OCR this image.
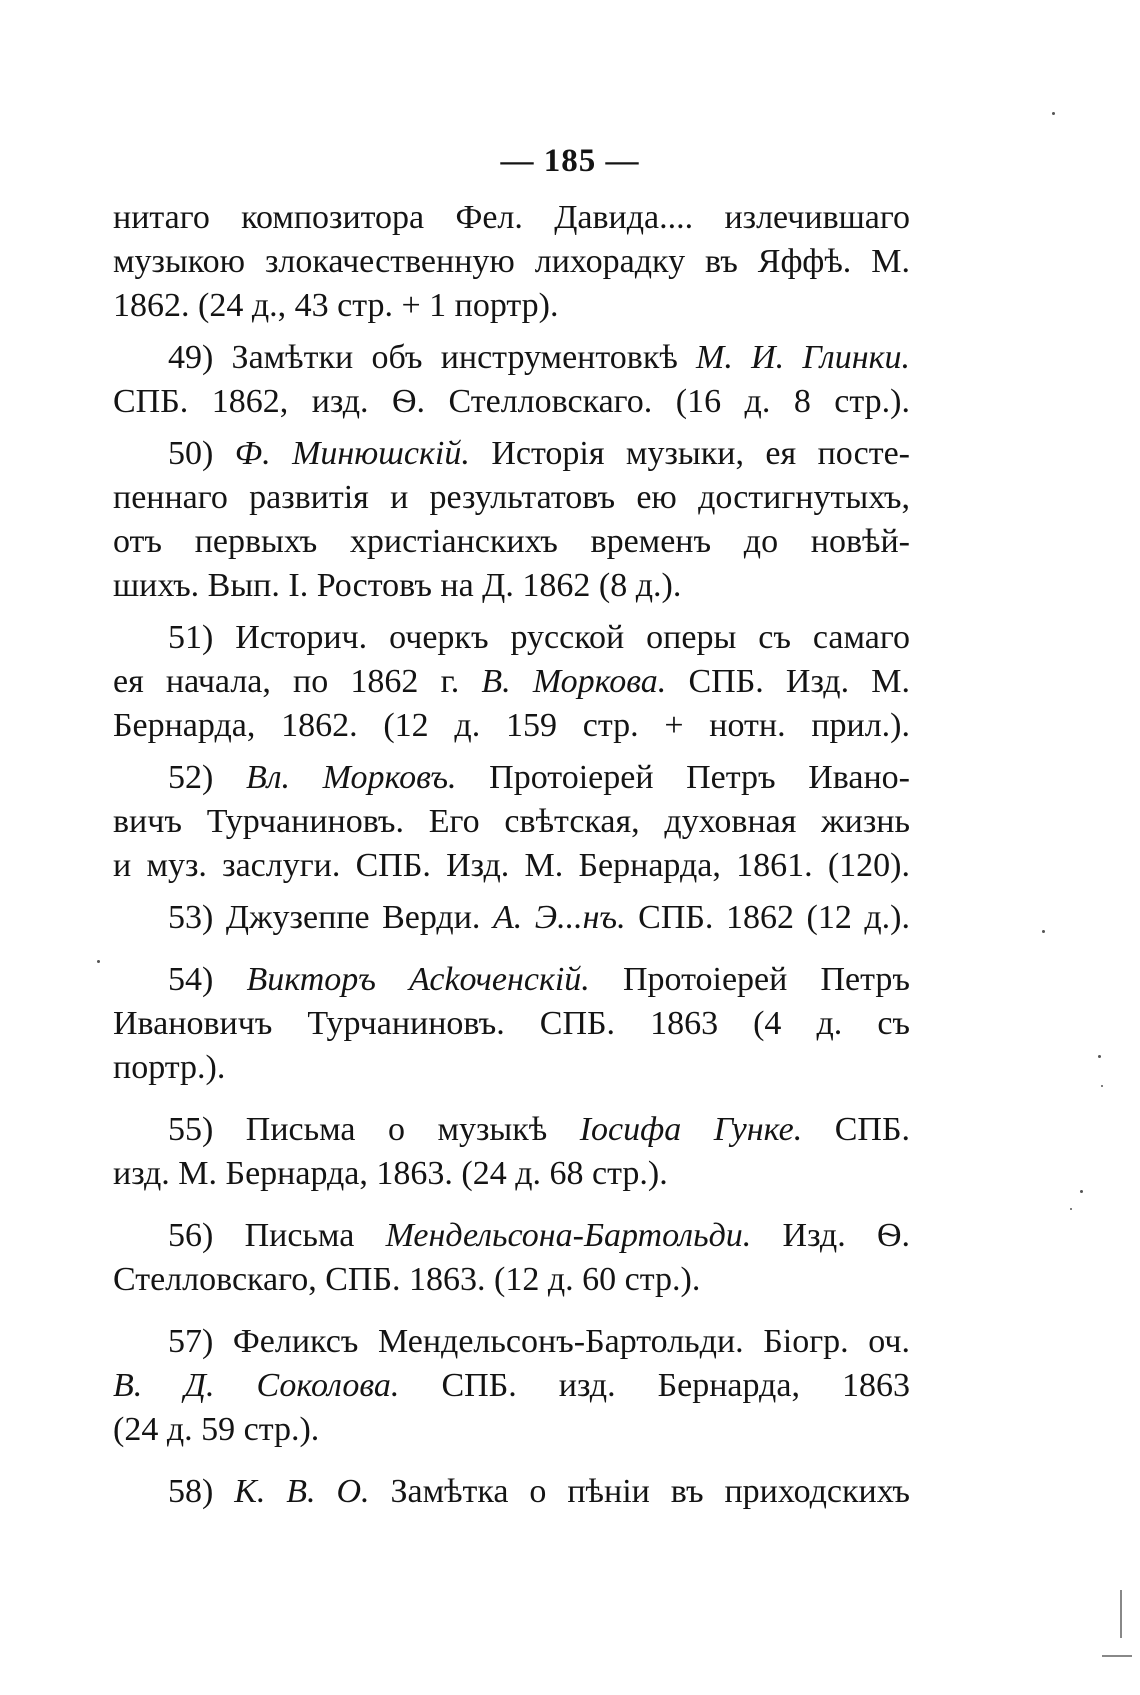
— 185 —
нитаго композитора Фел. Давида.... излечившаго
музыкою злокачественную лихорадку въ Яффѣ. М.
1862. (24 д., 43 стр. + 1 портр).
49) Замѣтки объ инструментовкѣ М. И. Глинки.
СПБ. 1862, изд. Ѳ. Стелловскаго. (16 д. 8 стр.).
50) Ф. Минюшскій. Исторія музыки, ея посте-
пеннаго развитія и результатовъ ею достигнутыхъ,
отъ первыхъ христіанскихъ временъ до новѣй-
шихъ. Вып. I. Ростовъ на Д. 1862 (8 д.).
51) Историч. очеркъ русской оперы съ самаго
ея начала, по 1862 г. В. Моркова. СПБ. Изд. М.
Бернарда, 1862. (12 д. 159 стр. + нотн. прил.).
52) Вл. Морковъ. Протоіерей Петръ Ивано-
вичъ Турчаниновъ. Его свѣтская, духовная жизнь
и муз. заслуги. СПБ. Изд. М. Бернарда, 1861. (120).
53) Джузеппе Верди. А. Э...нъ. СПБ. 1862 (12 д.).
54) Викторъ Асkоченскій. Протоіерей Петръ
Ивановичъ Турчаниновъ. СПБ. 1863 (4 д. съ
портр.).
55) Письма о музыкѣ Іосифа Гунке. СПБ.
изд. М. Бернарда, 1863. (24 д. 68 стр.).
56) Письма Мендельсона-Бартольди. Изд. Ѳ.
Стелловскаго, СПБ. 1863. (12 д. 60 стр.).
57) Феликсъ Мендельсонъ-Бартольди. Біогр. оч.
В. Д. Соколова. СПБ. изд. Бернарда, 1863
(24 д. 59 стр.).
58) К. В. О. Замѣтка о пѣніи въ приходскихъ
